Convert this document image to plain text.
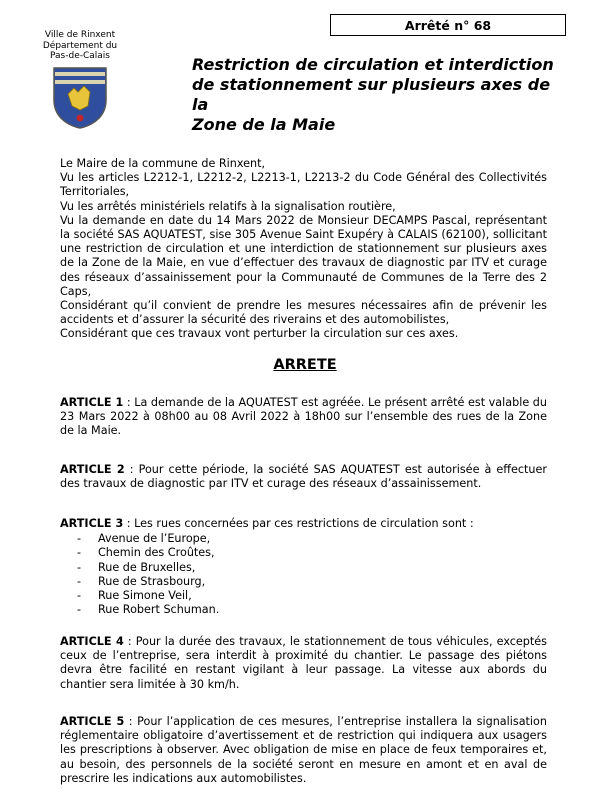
Ville de Rinxent
Département du
Pas-de-Calais
Arrêté n° 68
Restriction de circulation et interdiction
de stationnement sur plusieurs axes de la
Zone de la Maie

Le Maire de la commune de Rinxent,

Vu les articles L2212-1, L2212-2, L2213-1, L2213-2 du Code Général des Collectivités Territoriales,

Vu les arrêtés ministériels relatifs à la signalisation routière,

Vu la demande en date du 14 Mars 2022 de Monsieur DECAMPS Pascal, représentant la société SAS AQUATEST, sise 305 Avenue Saint Exupéry à CALAIS (62100), sollicitant une restriction de circulation et une interdiction de stationnement sur plusieurs axes de la Zone de la Maie, en vue d’effectuer des travaux de diagnostic par ITV et curage des réseaux d’assainissement pour la Communauté de Communes de la Terre des 2 Caps,

Considérant qu’il convient de prendre les mesures nécessaires afin de prévenir les accidents et d’assurer la sécurité des riverains et des automobilistes,

Considérant que ces travaux vont perturber la circulation sur ces axes.

ARRETE

ARTICLE 1 : La demande de la AQUATEST est agréée. Le présent arrêté est valable du 23 Mars 2022 à 08h00 au 08 Avril 2022 à 18h00 sur l’ensemble des rues de la Zone de la Maie.

ARTICLE 2 : Pour cette période, la société SAS AQUATEST est autorisée à effectuer des travaux de diagnostic par ITV et curage des réseaux d’assainissement.

ARTICLE 3 : Les rues concernées par ces restrictions de circulation sont :

- Avenue de l’Europe,
- Chemin des Croûtes,
- Rue de Bruxelles,
- Rue de Strasbourg,
- Rue Simone Veil,
- Rue Robert Schuman.

ARTICLE 4 : Pour la durée des travaux, le stationnement de tous véhicules, exceptés ceux de l’entreprise, sera interdit à proximité du chantier. Le passage des piétons devra être facilité en restant vigilant à leur passage. La vitesse aux abords du chantier sera limitée à 30 km/h.

ARTICLE 5 : Pour l’application de ces mesures, l’entreprise installera la signalisation réglementaire obligatoire d’avertissement et de restriction qui indiquera aux usagers les prescriptions à observer. Avec obligation de mise en place de feux temporaires et, au besoin, des personnels de la société seront en mesure en amont et en aval de prescrire les indications aux automobilistes.
